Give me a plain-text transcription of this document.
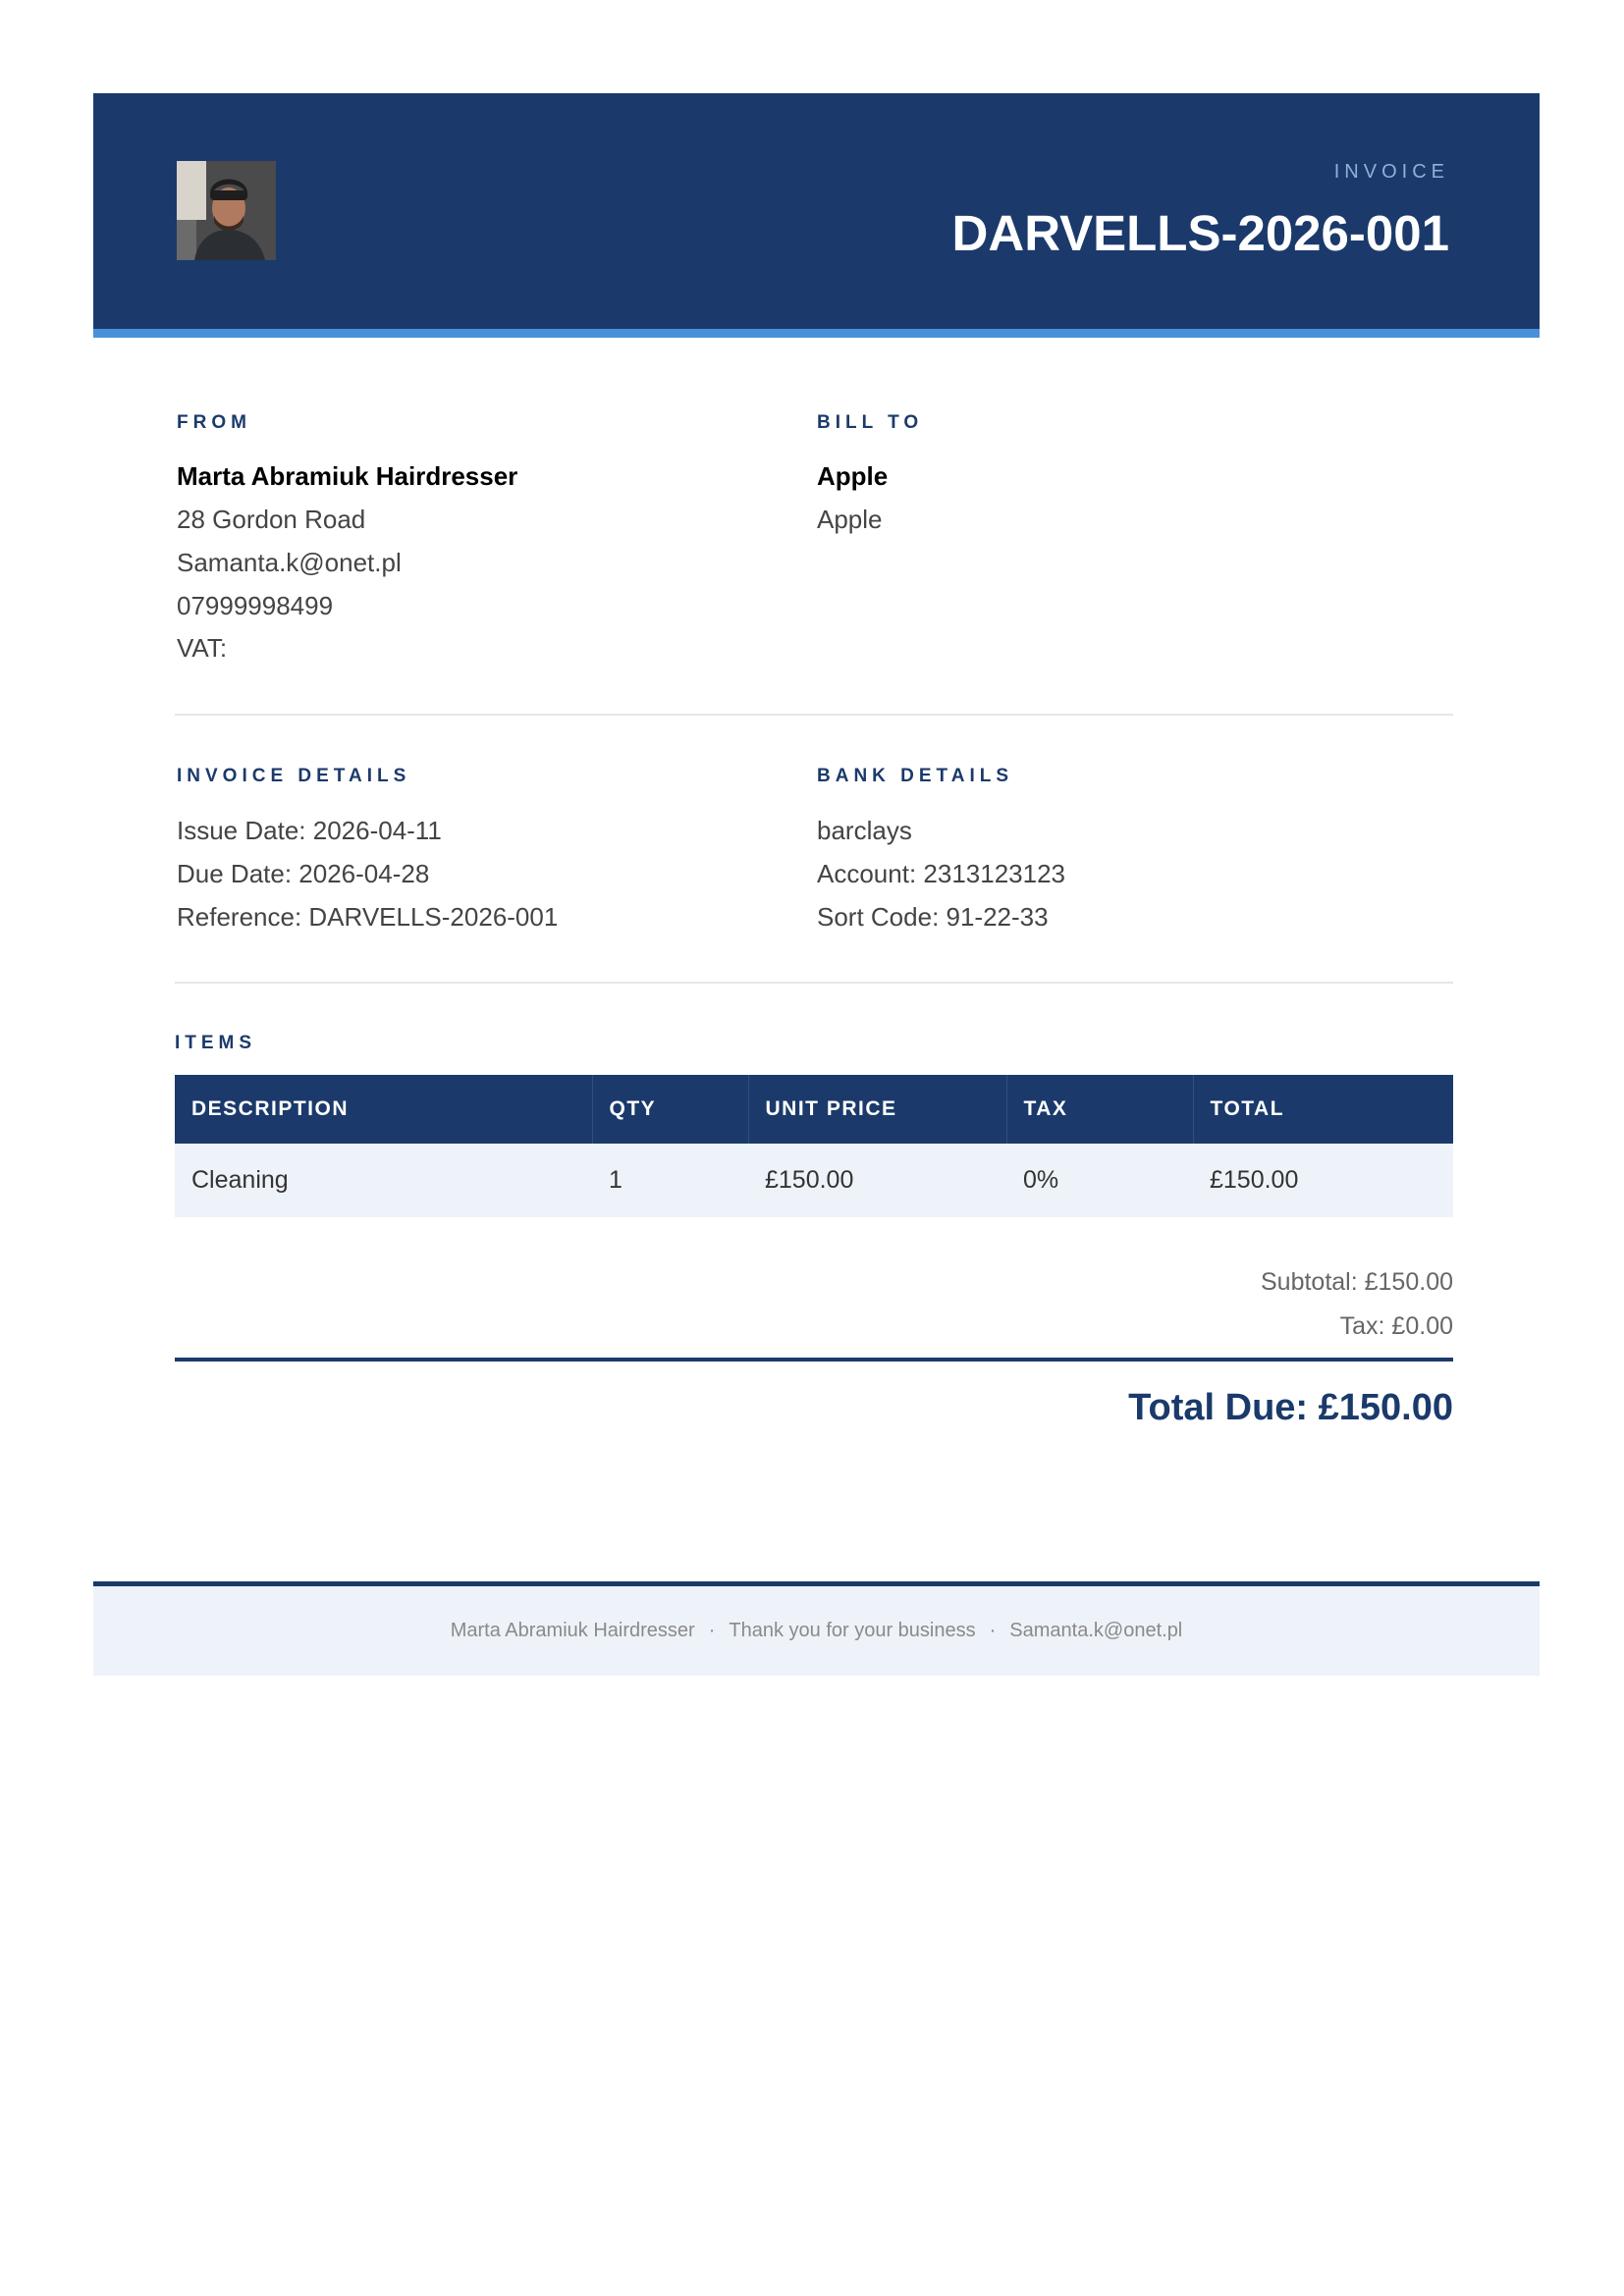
INVOICE
DARVELLS-2026-001
FROM
Marta Abramiuk Hairdresser
28 Gordon Road
Samanta.k@onet.pl
07999998499
VAT:
BILL TO
Apple
Apple
INVOICE DETAILS
Issue Date: 2026-04-11
Due Date: 2026-04-28
Reference: DARVELLS-2026-001
BANK DETAILS
barclays
Account: 2313123123
Sort Code: 91-22-33
ITEMS
DESCRIPTION	QTY	UNIT PRICE	TAX	TOTAL
Cleaning	1	£150.00	0%	£150.00
Subtotal: £150.00
Tax: £0.00
Total Due: £150.00
Marta Abramiuk Hairdresser · Thank you for your business · Samanta.k@onet.pl
